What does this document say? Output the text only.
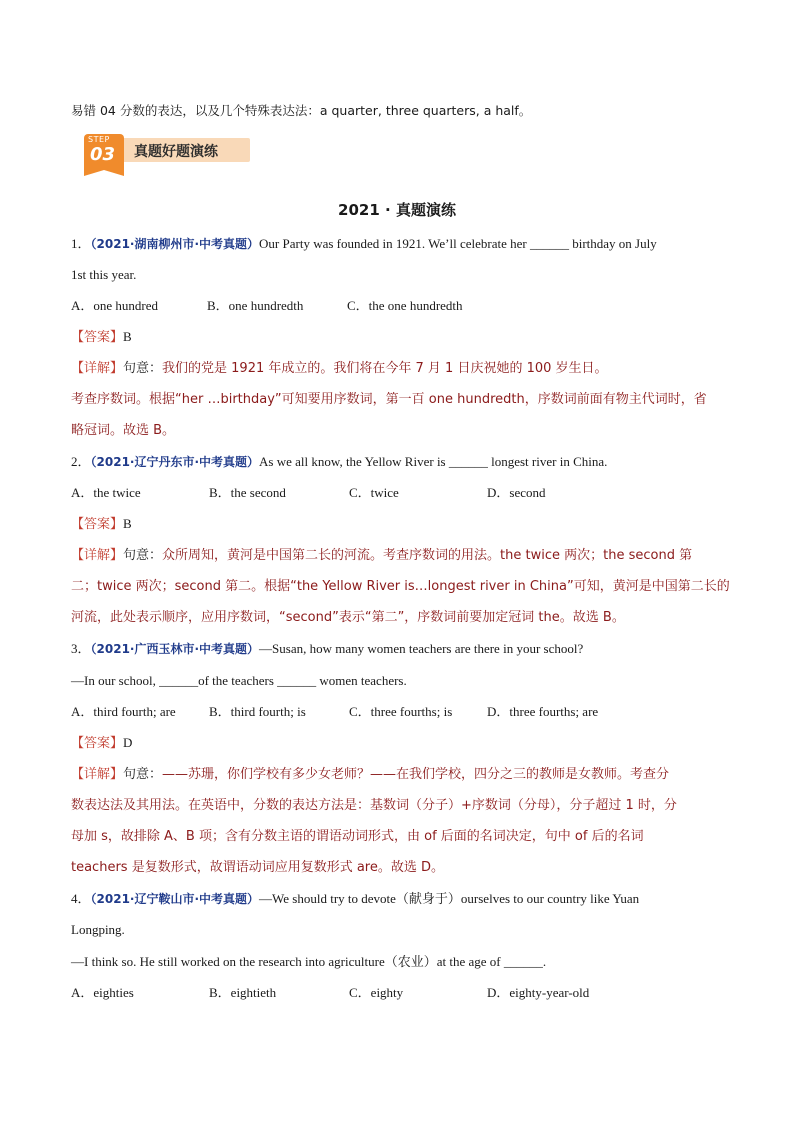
易错 04 分数的表达，以及几个特殊表达法：a quarter, three quarters, a half。
STEP
03 真题好题演练
2021 · 真题演练
1．（2021·湖南柳州市·中考真题）Our Party was founded in 1921. We’ll celebrate her ______ birthday on July
1st this year.
A．one hundred	B．one hundredth	C．the one hundredth
【答案】B
【详解】句意：我们的党是 1921 年成立的。我们将在今年 7 月 1 日庆祝她的 100 岁生日。
考查序数词。根据“her …birthday”可知要用序数词，第一百 one hundredth，序数词前面有物主代词时，省
略冠词。故选 B。
2．（2021·辽宁丹东市·中考真题）As we all know, the Yellow River is ______ longest river in China.
A．the twice	B．the second	C．twice	D．second
【答案】B
【详解】句意：众所周知，黄河是中国第二长的河流。考查序数词的用法。the twice 两次；the second 第
二；twice 两次；second 第二。根据“the Yellow River is…longest river in China”可知，黄河是中国第二长的
河流，此处表示顺序，应用序数词，“second”表示“第二”，序数词前要加定冠词 the。故选 B。
3．（2021·广西玉林市·中考真题）—Susan, how many women teachers are there in your school?
—In our school, ______of the teachers ______ women teachers.
A．third fourth; are	B．third fourth; is	C．three fourths; is	D．three fourths; are
【答案】D
【详解】句意：——苏珊，你们学校有多少女老师？——在我们学校，四分之三的教师是女教师。考查分
数表达法及其用法。在英语中，分数的表达方法是：基数词（分子）+序数词（分母），分子超过 1 时，分
母加 s，故排除 A、B 项；含有分数主语的谓语动词形式，由 of 后面的名词决定，句中 of 后的名词
teachers 是复数形式，故谓语动词应用复数形式 are。故选 D。
4．（2021·辽宁鞍山市·中考真题）—We should try to devote（献身于）ourselves to our country like Yuan
Longping.
—I think so. He still worked on the research into agriculture（农业）at the age of ______.
A．eighties	B．eightieth	C．eighty	D．eighty-year-old
